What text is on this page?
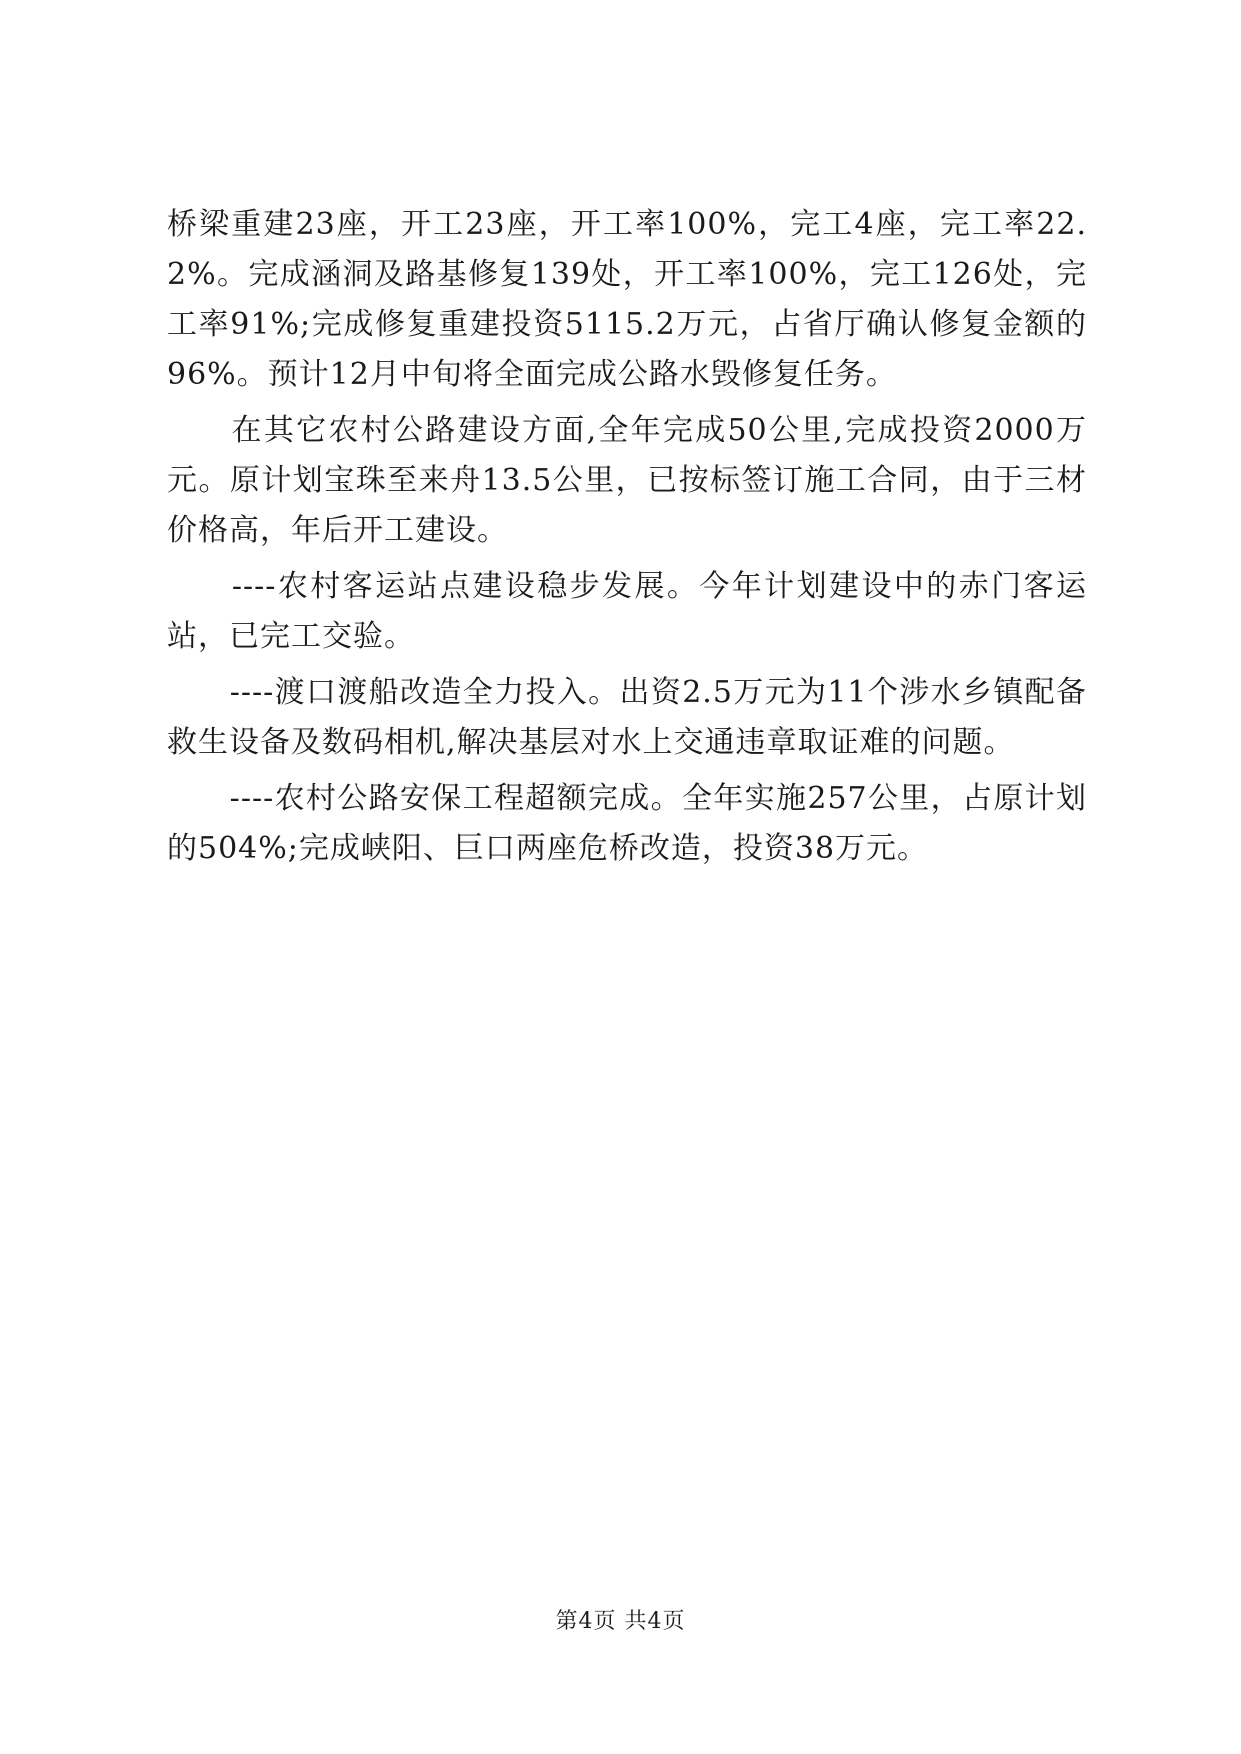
桥梁重建23座，开工23座，开工率100%，完工4座，完工率22.2%。完成涵洞及路基修复139处，开工率100%，完工126处，完工率91%;完成修复重建投资5115.2万元，占省厅确认修复金额的96%。预计12月中旬将全面完成公路水毁修复任务。

　　在其它农村公路建设方面,全年完成50公里,完成投资2000万元。原计划宝珠至来舟13.5公里，已按标签订施工合同，由于三材价格高，年后开工建设。

　　----农村客运站点建设稳步发展。今年计划建设中的赤门客运站，已完工交验。

　　----渡口渡船改造全力投入。出资2.5万元为11个涉水乡镇配备救生设备及数码相机,解决基层对水上交通违章取证难的问题。

　　----农村公路安保工程超额完成。全年实施257公里，占原计划的504%;完成峡阳、巨口两座危桥改造，投资38万元。

第4页 共4页
